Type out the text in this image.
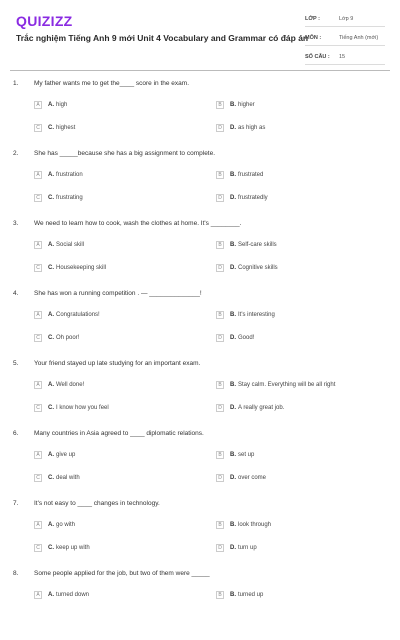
QUIZIZZ
Trắc nghiệm Tiếng Anh 9 mới Unit 4 Vocabulary and Grammar có đáp án
LỚP :	Lớp 9
MÔN :	Tiếng Anh (mới)
SỐ CÂU :	15
1. My father wants me to get the____ score in the exam.
A	A. high	B	B. higher
C	C. highest	D	D. as high as
2. She has _____because she has a big assignment to complete.
A	A. frustration	B	B. frustrated
C	C. frustrating	D	D. frustratedly
3. We need to learn how to cook, wash the clothes at home. It's ________.
A	A. Social skill	B	B. Self-care skills
C	C. Housekeeping skill	D	D. Cognitive skills
4. She has won a running competition . — ______________!
A	A. Congratulations!	B	B. It's interesting
C	C. Oh poor!	D	D. Good!
5. Your friend stayed up late studying for an important exam.
A	A. Well done!	B	B. Stay calm. Everything will be all right
C	C. I know how you feel	D	D. A really great job.
6. Many countries in Asia agreed to ____ diplomatic relations.
A	A. give up	B	B. set up
C	C. deal with	D	D. over come
7. It's not easy to ____ changes in technology.
A	A. go with	B	B. look through
C	C. keep up with	D	D. turn up
8. Some people applied for the job, but two of them were _____
A	A. turned down	B	B. turned up
